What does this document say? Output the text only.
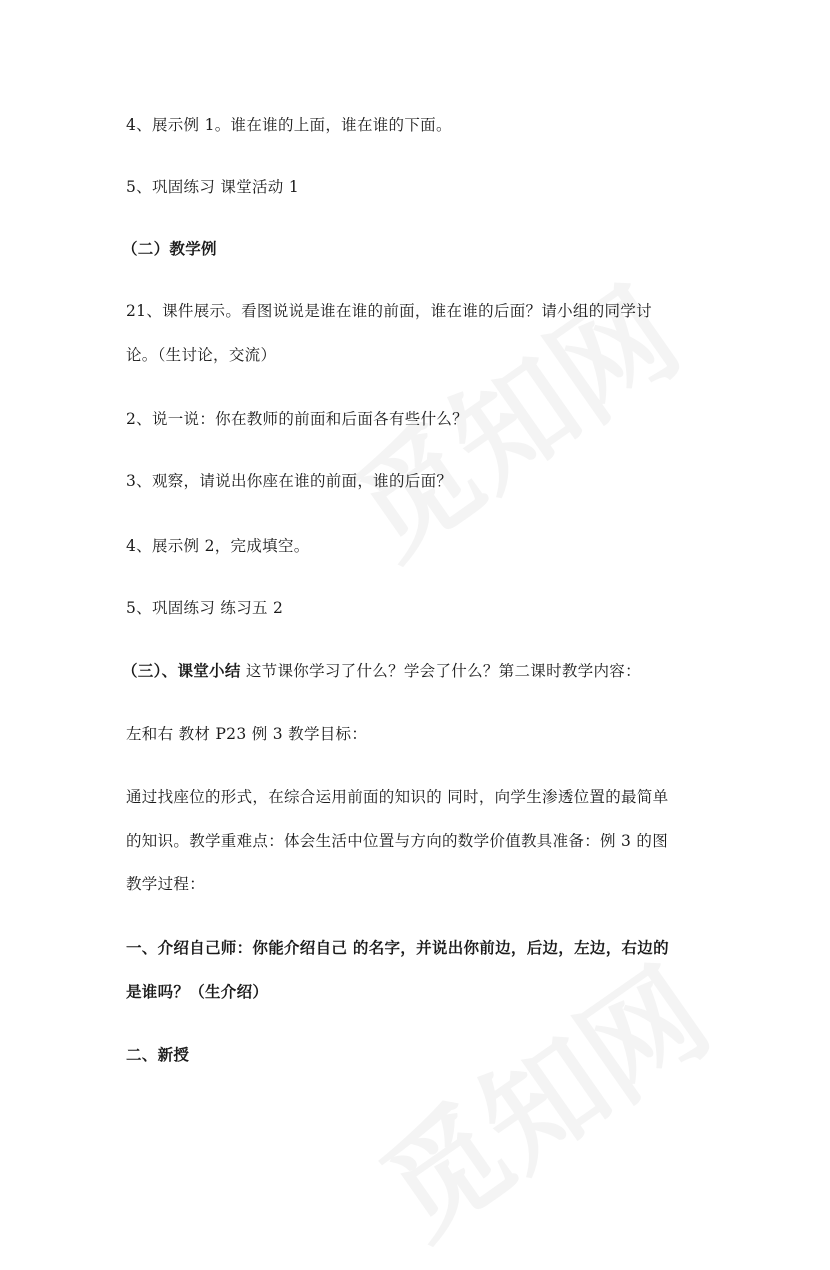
4、展示例 1。谁在谁的上面，谁在谁的下面。
5、巩固练习 课堂活动 1
（二）教学例
21、课件展示。看图说说是谁在谁的前面，谁在谁的后面？请小组的同学讨
论。（生讨论，交流）
2、说一说：你在教师的前面和后面各有些什么？
3、观察，请说出你座在谁的前面，谁的后面？
4、展示例 2，完成填空。
5、巩固练习 练习五 2
（三）、课堂小结 这节课你学习了什么？学会了什么？第二课时教学内容：
左和右 教材 P23 例 3 教学目标：
通过找座位的形式，在综合运用前面的知识的 同时，向学生渗透位置的最简单
的知识。教学重难点：体会生活中位置与方向的数学价值教具准备：例 3 的图
教学过程：
一、介绍自己师：你能介绍自己 的名字，并说出你前边，后边，左边，右边的
是谁吗？（生介绍）
二、新授
